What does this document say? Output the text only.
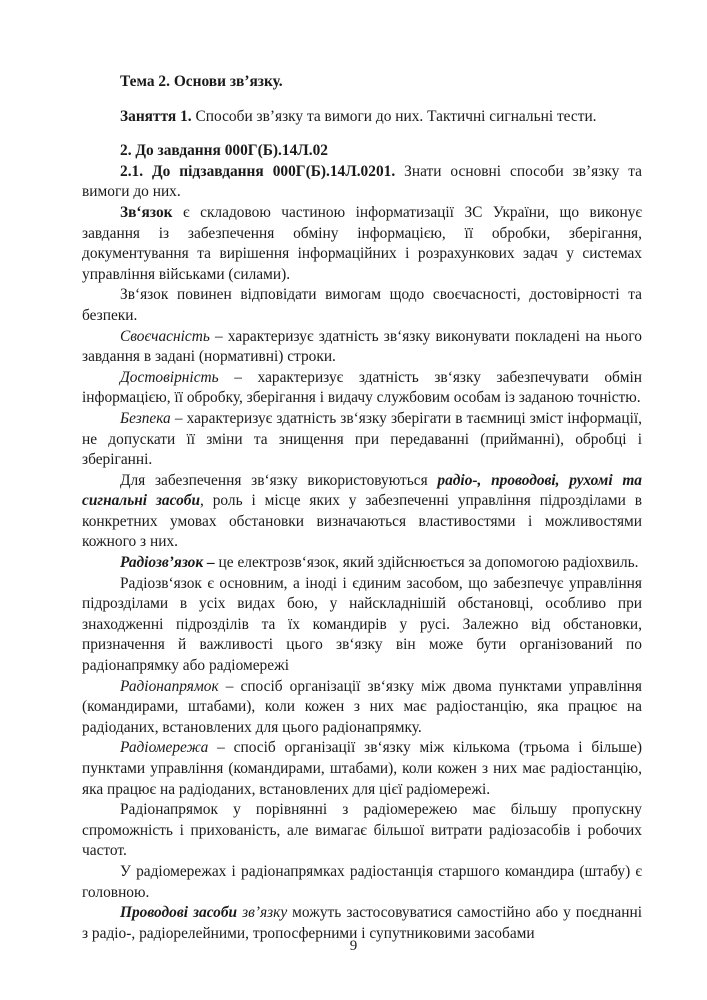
Тема 2. Основи зв’язку.

Заняття 1. Способи зв’язку та вимоги до них. Тактичні сигнальні тести.

2. До завдання 000Г(Б).14Л.02

2.1. До підзавдання 000Г(Б).14Л.0201. Знати основні способи зв’язку та вимоги до них.

Зв‘язок є складовою частиною інформатизації ЗС України, що виконує завдання із забезпечення обміну інформацією, її обробки, зберігання, документування та вирішення інформаційних і розрахункових задач у системах управління військами (силами).

Зв‘язок повинен відповідати вимогам щодо своєчасності, достовірності та безпеки.

Своєчасність – характеризує здатність зв‘язку виконувати покладені на нього завдання в задані (нормативні) строки.

Достовірність – характеризує здатність зв‘язку забезпечувати обмін інформацією, її обробку, зберігання і видачу службовим особам із заданою точністю.

Безпека – характеризує здатність зв‘язку зберігати в таємниці зміст інформації, не допускати її зміни та знищення при передаванні (прийманні), обробці і зберіганні.

Для забезпечення зв‘язку використовуються радіо-, проводові, рухомі та сигнальні засоби, роль і місце яких у забезпеченні управління підрозділами в конкретних умовах обстановки визначаються властивостями і можливостями кожного з них.

Радіозв’язок – це електрозв‘язок, який здійснюється за допомогою радіохвиль.

Радіозв‘язок є основним, а іноді і єдиним засобом, що забезпечує управління підрозділами в усіх видах бою, у найскладнішій обстановці, особливо при знаходженні підрозділів та їх командирів у русі. Залежно від обстановки, призначення й важливості цього зв‘язку він може бути організований по радіонапрямку або радіомережі

Радіонапрямок – спосіб організації зв‘язку між двома пунктами управління (командирами, штабами), коли кожен з них має радіостанцію, яка працює на радіоданих, встановлених для цього радіонапрямку.

Радіомережа – спосіб організації зв‘язку між кількома (трьома і більше) пунктами управління (командирами, штабами), коли кожен з них має радіостанцію, яка працює на радіоданих, встановлених для цієї радіомережі.

Радіонапрямок у порівнянні з радіомережею має більшу пропускну спроможність і прихованість, але вимагає більшої витрати радіозасобів і робочих частот.

У радіомережах і радіонапрямках радіостанція старшого командира (штабу) є головною.

Проводові засоби зв’язку можуть застосовуватися самостійно або у поєднанні з радіо-, радіорелейними, тропосферними і супутниковими засобами

9
